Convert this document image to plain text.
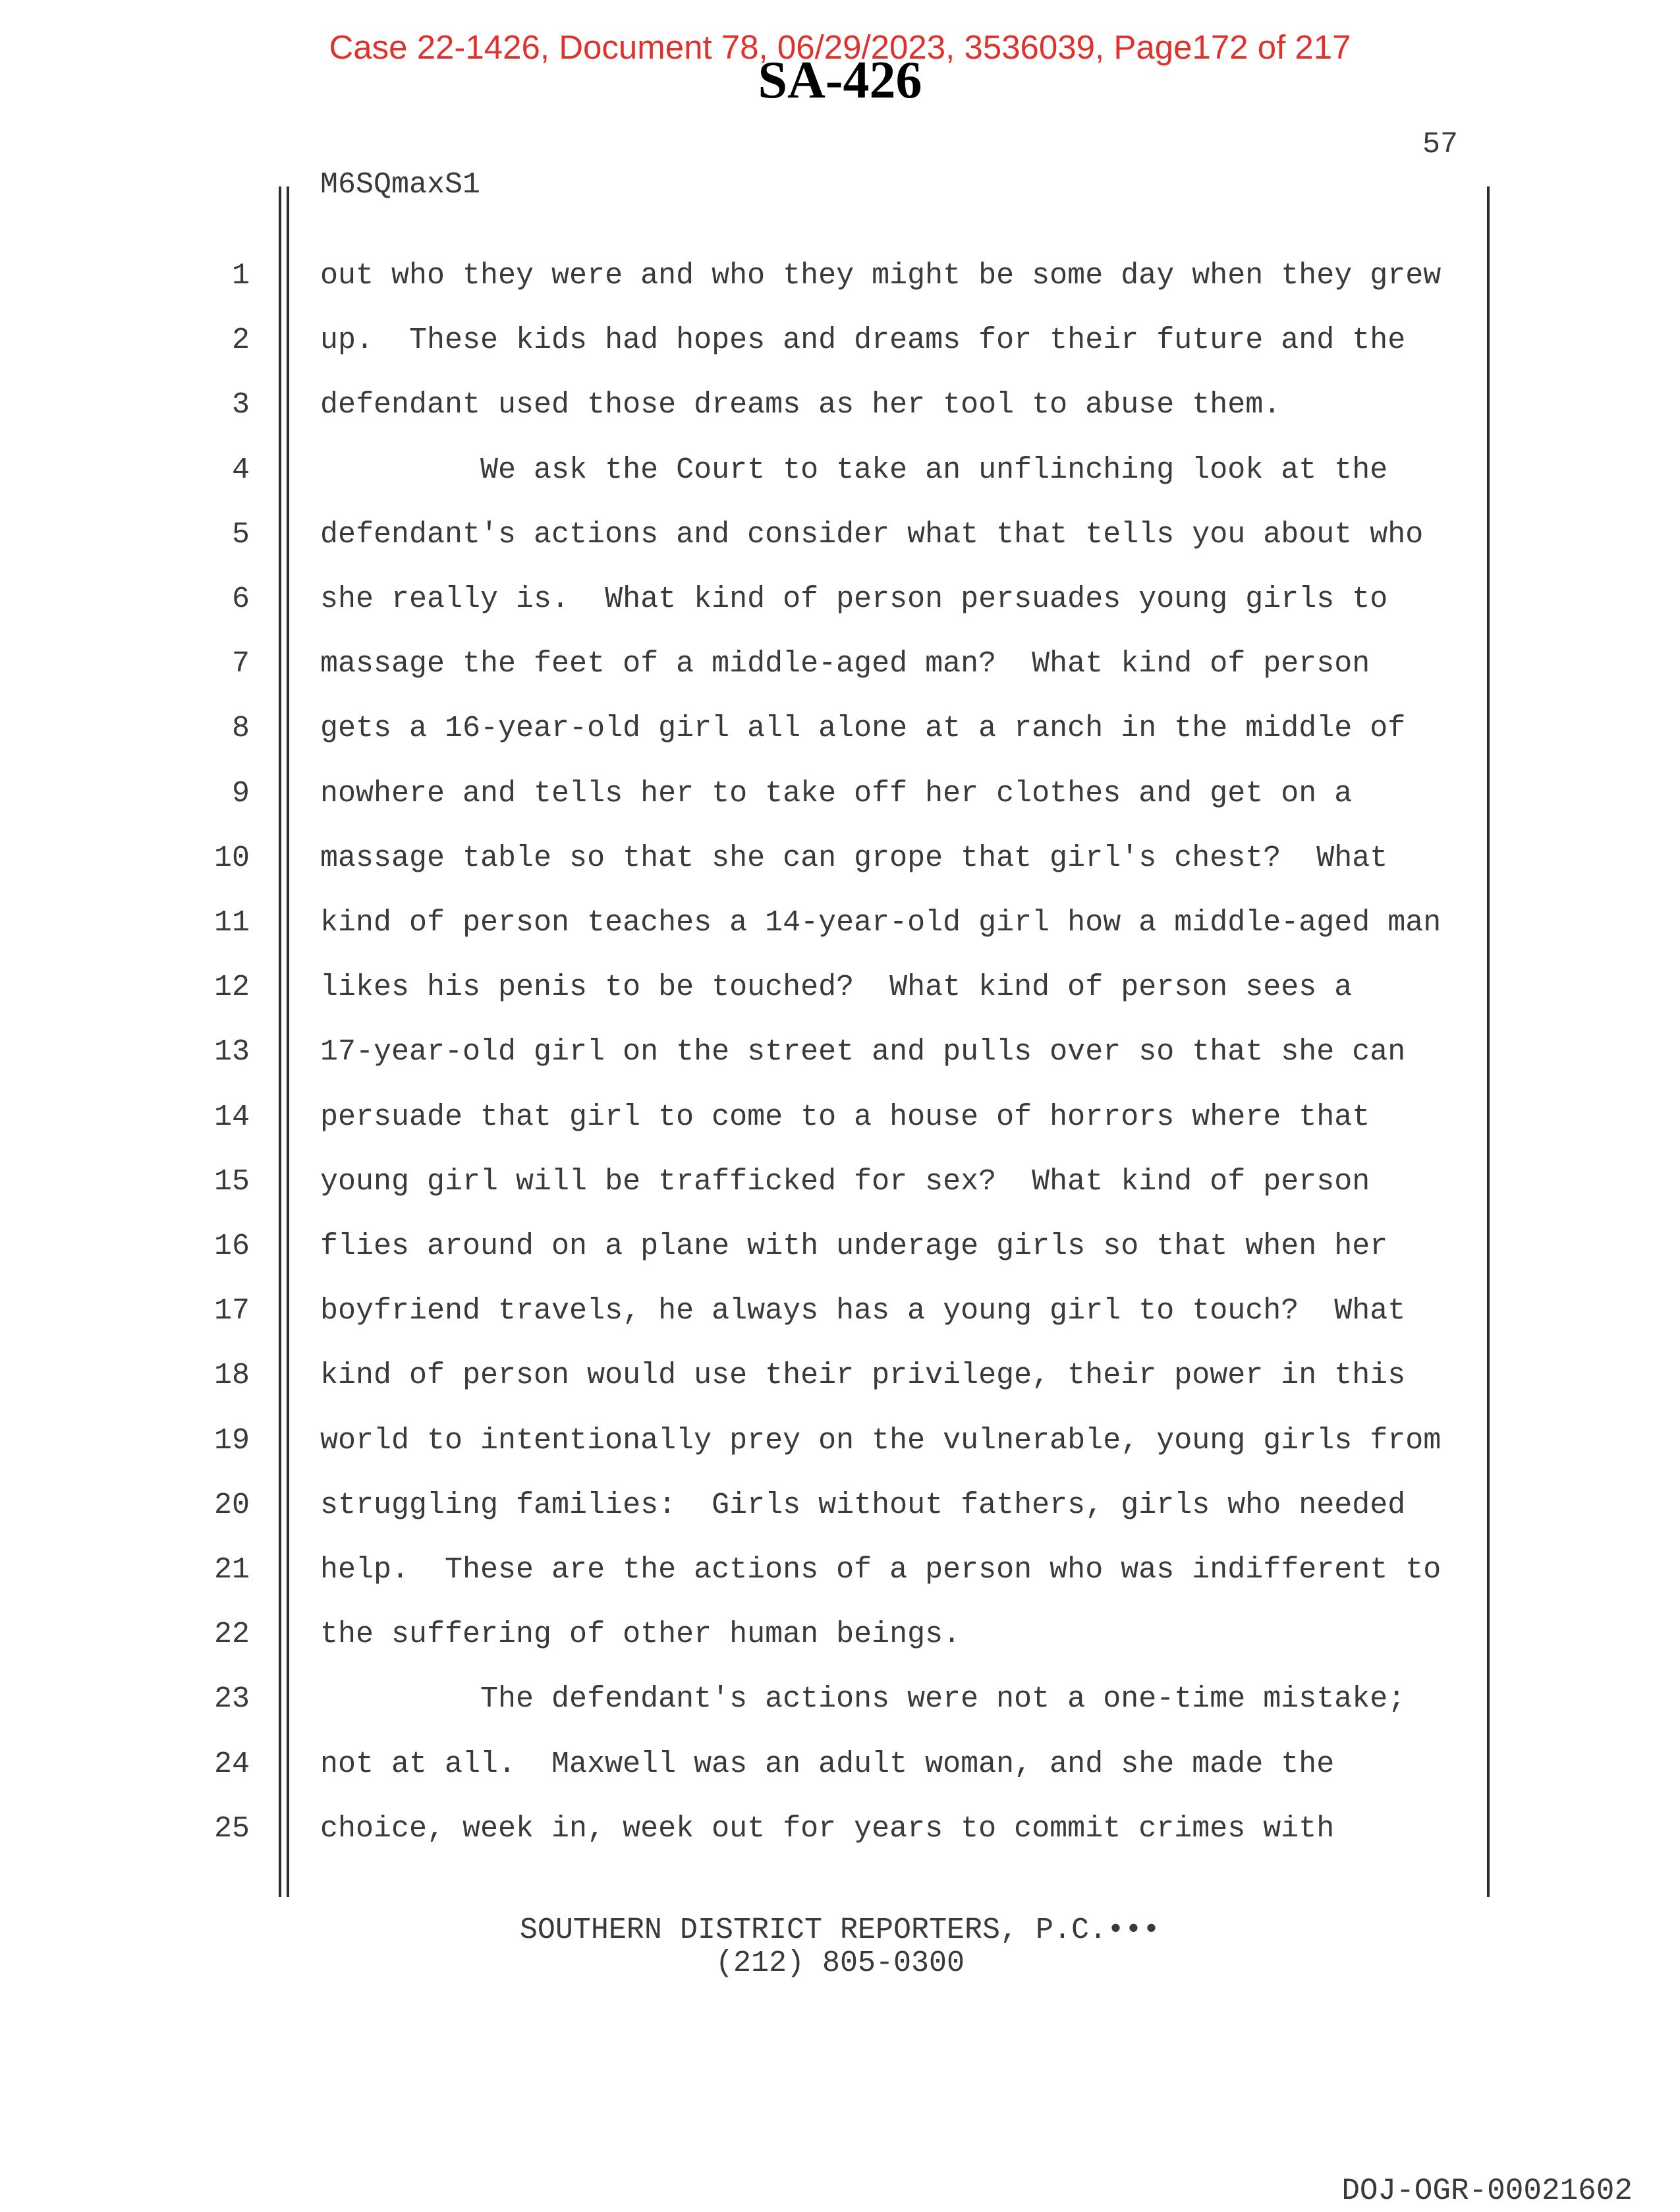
Case 22-1426, Document 78, 06/29/2023, 3536039, Page172 of 217
SA-426
57
M6SQmaxS1
1 out who they were and who they might be some day when they grew
2 up.  These kids had hopes and dreams for their future and the
3 defendant used those dreams as her tool to abuse them.
4 We ask the Court to take an unflinching look at the
5 defendant's actions and consider what that tells you about who
6 she really is.  What kind of person persuades young girls to
7 massage the feet of a middle-aged man?  What kind of person
8 gets a 16-year-old girl all alone at a ranch in the middle of
9 nowhere and tells her to take off her clothes and get on a
10 massage table so that she can grope that girl's chest?  What
11 kind of person teaches a 14-year-old girl how a middle-aged man
12 likes his penis to be touched?  What kind of person sees a
13 17-year-old girl on the street and pulls over so that she can
14 persuade that girl to come to a house of horrors where that
15 young girl will be trafficked for sex?  What kind of person
16 flies around on a plane with underage girls so that when her
17 boyfriend travels, he always has a young girl to touch?  What
18 kind of person would use their privilege, their power in this
19 world to intentionally prey on the vulnerable, young girls from
20 struggling families:  Girls without fathers, girls who needed
21 help.  These are the actions of a person who was indifferent to
22 the suffering of other human beings.
23 The defendant's actions were not a one-time mistake;
24 not at all.  Maxwell was an adult woman, and she made the
25 choice, week in, week out for years to commit crimes with
SOUTHERN DISTRICT REPORTERS, P.C.•••
(212) 805-0300
DOJ-OGR-00021602
